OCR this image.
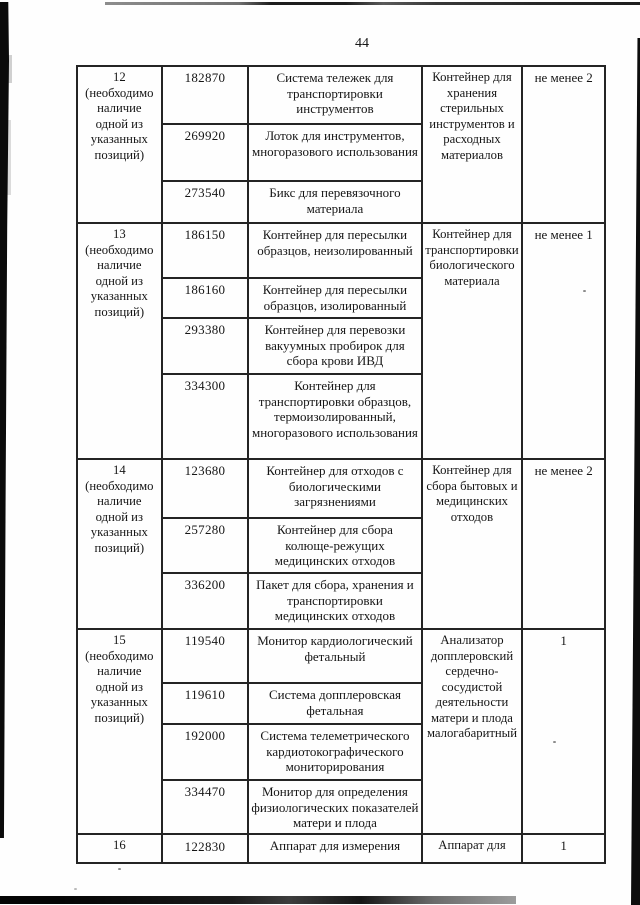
44
12
(необходимо наличие одной из указанных позиций)	182870	Система тележек для транспортировки инструментов	Контейнер для хранения стерильных инструментов и расходных материалов	не менее 2
	269920	Лоток для инструментов, многоразового использования		
	273540	Бикс для перевязочного материала		

13
(необходимо наличие одной из указанных позиций)	186150	Контейнер для пересылки образцов, неизолированный	Контейнер для транспортировки биологического материала	не менее 1
	186160	Контейнер для пересылки образцов, изолированный		
	293380	Контейнер для перевозки вакуумных пробирок для сбора крови ИВД		
	334300	Контейнер для транспортировки образцов, термоизолированный, многоразового использования		

14
(необходимо наличие одной из указанных позиций)	123680	Контейнер для отходов с биологическими загрязнениями	Контейнер для сбора бытовых и медицинских отходов	не менее 2
	257280	Контейнер для сбора колюще-режущих медицинских отходов		
	336200	Пакет для сбора, хранения и транспортировки медицинских отходов		

15
(необходимо наличие одной из указанных позиций)	119540	Монитор кардиологический фетальный	Анализатор допплеровский сердечно-сосудистой деятельности матери и плода малогабаритный	1
	119610	Система допплеровская фетальная		
	192000	Система телеметрического кардиотокографического мониторирования		
	334470	Монитор для определения физиологических показателей матери и плода		
16	122830	Аппарат для измерения	Аппарат для	1
